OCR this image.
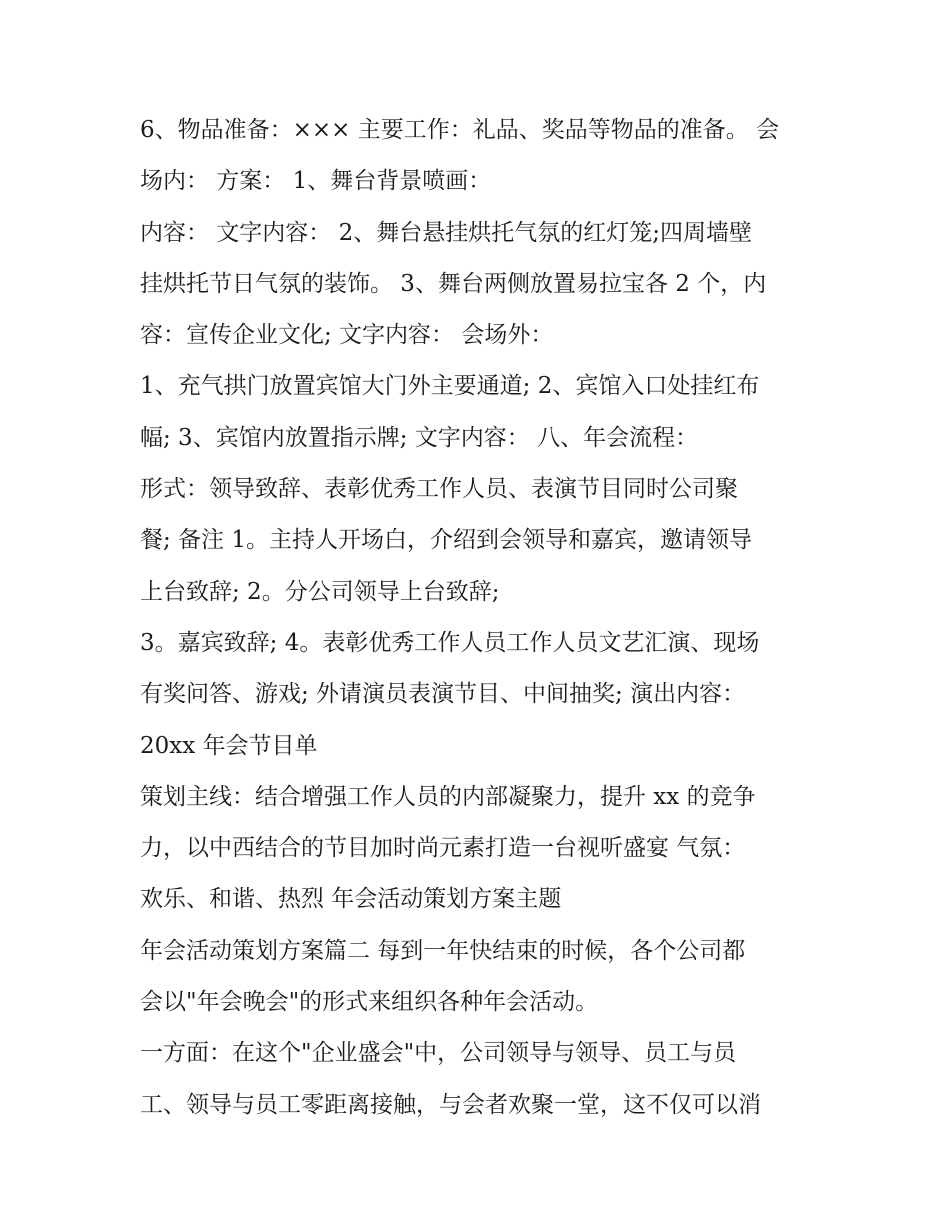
6、物品准备：××× 主要工作：礼品、奖品等物品的准备。 会
场内： 方案： 1、舞台背景喷画：
内容： 文字内容： 2、舞台悬挂烘托气氛的红灯笼;四周墙壁
挂烘托节日气氛的装饰。 3、舞台两侧放置易拉宝各 2 个，内
容：宣传企业文化; 文字内容： 会场外：
1、充气拱门放置宾馆大门外主要通道; 2、宾馆入口处挂红布
幅; 3、宾馆内放置指示牌; 文字内容： 八、年会流程：
形式：领导致辞、表彰优秀工作人员、表演节目同时公司聚
餐; 备注 1。主持人开场白，介绍到会领导和嘉宾，邀请领导
上台致辞; 2。分公司领导上台致辞;
3。嘉宾致辞; 4。表彰优秀工作人员工作人员文艺汇演、现场
有奖问答、游戏; 外请演员表演节目、中间抽奖; 演出内容：
20xx 年会节目单
策划主线：结合增强工作人员的内部凝聚力，提升 xx 的竞争
力，以中西结合的节目加时尚元素打造一台视听盛宴 气氛：
欢乐、和谐、热烈 年会活动策划方案主题
年会活动策划方案篇二 每到一年快结束的时候，各个公司都
会以"年会晚会"的形式来组织各种年会活动。
一方面：在这个"企业盛会"中，公司领导与领导、员工与员
工、领导与员工零距离接触，与会者欢聚一堂，这不仅可以消
